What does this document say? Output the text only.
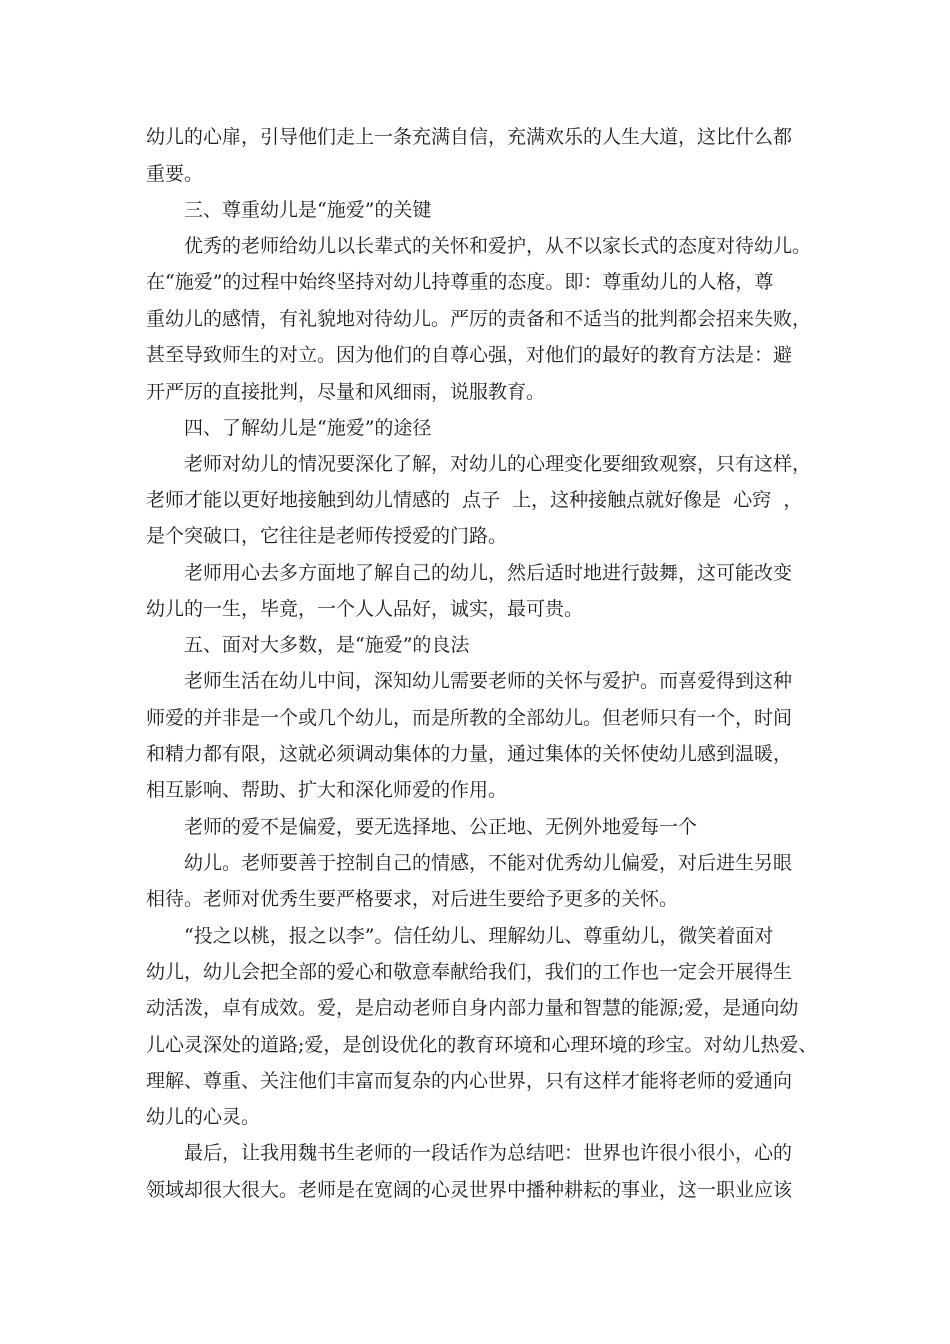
幼儿的心扉，引导他们走上一条充满自信，充满欢乐的人生大道，这比什么都
重要。
三、尊重幼儿是“施爱”的关键
优秀的老师给幼儿以长辈式的关怀和爱护，从不以家长式的态度对待幼儿。
在“施爱”的过程中始终坚持对幼儿持尊重的态度。即：尊重幼儿的人格，尊
重幼儿的感情，有礼貌地对待幼儿。严厉的责备和不适当的批判都会招来失败，
甚至导致师生的对立。因为他们的自尊心强，对他们的最好的教育方法是：避
开严厉的直接批判，尽量和风细雨，说服教育。
四、了解幼儿是“施爱”的途径
老师对幼儿的情况要深化了解，对幼儿的心理变化要细致观察，只有这样，
老师才能以更好地接触到幼儿情感的  点子  上，这种接触点就好像是  心窍  ，
是个突破口，它往往是老师传授爱的门路。
老师用心去多方面地了解自己的幼儿，然后适时地进行鼓舞，这可能改变
幼儿的一生，毕竟，一个人人品好，诚实，最可贵。
五、面对大多数，是“施爱”的良法
老师生活在幼儿中间，深知幼儿需要老师的关怀与爱护。而喜爱得到这种
师爱的并非是一个或几个幼儿，而是所教的全部幼儿。但老师只有一个，时间
和精力都有限，这就必须调动集体的力量，通过集体的关怀使幼儿感到温暖，
相互影响、帮助、扩大和深化师爱的作用。
老师的爱不是偏爱，要无选择地、公正地、无例外地爱每一个
幼儿。老师要善于控制自己的情感，不能对优秀幼儿偏爱，对后进生另眼
相待。老师对优秀生要严格要求，对后进生要给予更多的关怀。
“投之以桃，报之以李”。信任幼儿、理解幼儿、尊重幼儿，微笑着面对
幼儿，幼儿会把全部的爱心和敬意奉献给我们，我们的工作也一定会开展得生
动活泼，卓有成效。爱，是启动老师自身内部力量和智慧的能源;爱，是通向幼
儿心灵深处的道路;爱，是创设优化的教育环境和心理环境的珍宝。对幼儿热爱、
理解、尊重、关注他们丰富而复杂的内心世界，只有这样才能将老师的爱通向
幼儿的心灵。
最后，让我用魏书生老师的一段话作为总结吧：世界也许很小很小，心的
领域却很大很大。老师是在宽阔的心灵世界中播种耕耘的事业，这一职业应该
